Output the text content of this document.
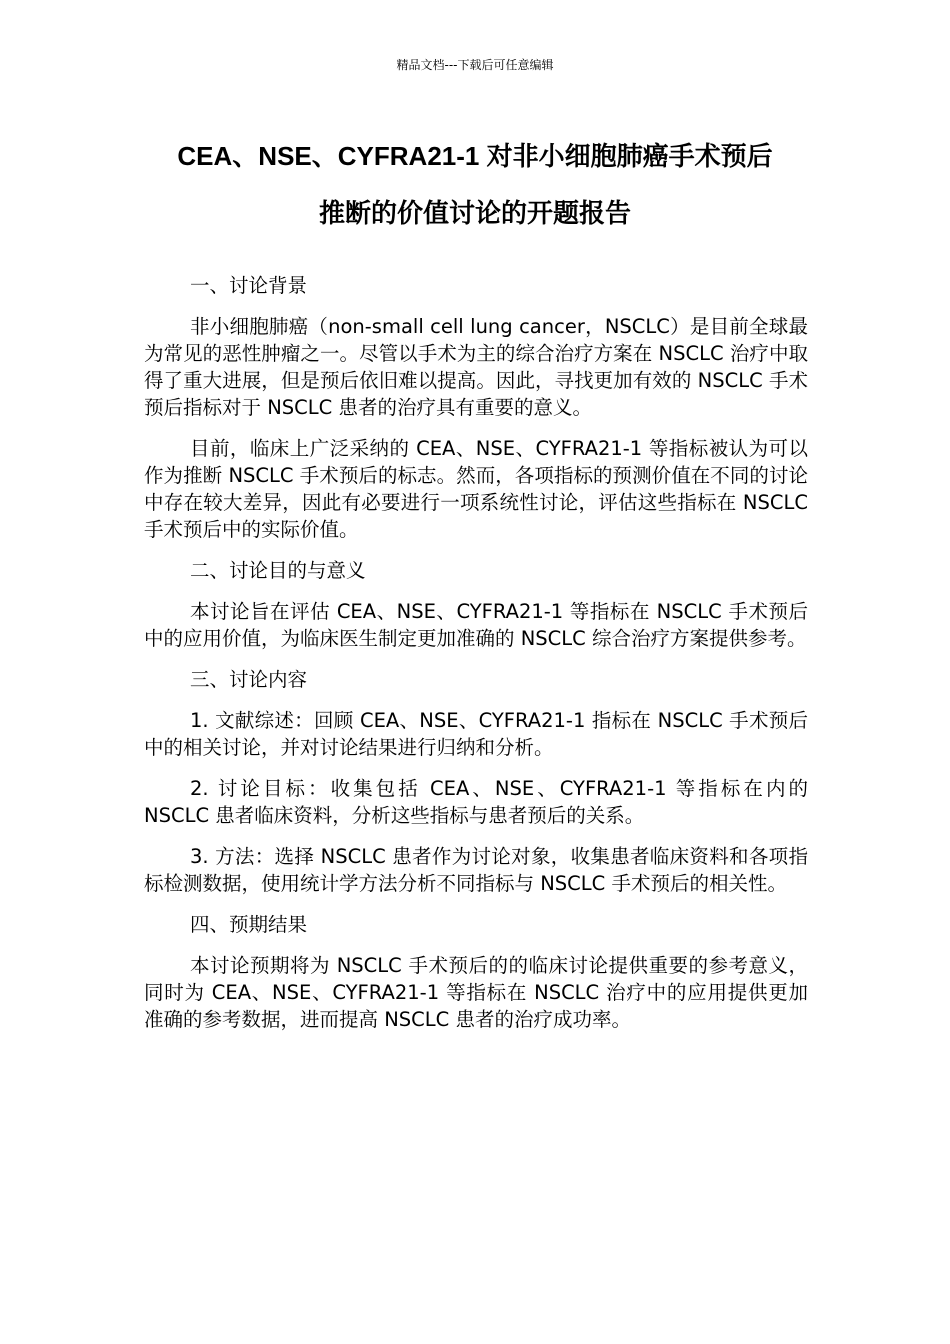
精品文档---下载后可任意编辑
CEA、NSE、CYFRA21-1 对非小细胞肺癌手术预后
推断的价值讨论的开题报告

一、讨论背景

非小细胞肺癌（non-small cell lung cancer，NSCLC）是目前全球最为常见的恶性肿瘤之一。尽管以手术为主的综合治疗方案在 NSCLC 治疗中取得了重大进展，但是预后依旧难以提高。因此，寻找更加有效的 NSCLC 手术预后指标对于 NSCLC 患者的治疗具有重要的意义。

目前，临床上广泛采纳的 CEA、NSE、CYFRA21-1 等指标被认为可以作为推断 NSCLC 手术预后的标志。然而，各项指标的预测价值在不同的讨论中存在较大差异，因此有必要进行一项系统性讨论，评估这些指标在 NSCLC 手术预后中的实际价值。

二、讨论目的与意义

本讨论旨在评估 CEA、NSE、CYFRA21-1 等指标在 NSCLC 手术预后中的应用价值，为临床医生制定更加准确的 NSCLC 综合治疗方案提供参考。

三、讨论内容

1. 文献综述：回顾 CEA、NSE、CYFRA21-1 指标在 NSCLC 手术预后中的相关讨论，并对讨论结果进行归纳和分析。

2. 讨论目标：收集包括 CEA、NSE、CYFRA21-1 等指标在内的 NSCLC 患者临床资料，分析这些指标与患者预后的关系。

3. 方法：选择 NSCLC 患者作为讨论对象，收集患者临床资料和各项指标检测数据，使用统计学方法分析不同指标与 NSCLC 手术预后的相关性。

四、预期结果

本讨论预期将为 NSCLC 手术预后的的临床讨论提供重要的参考意义，同时为 CEA、NSE、CYFRA21-1 等指标在 NSCLC 治疗中的应用提供更加准确的参考数据，进而提高 NSCLC 患者的治疗成功率。
